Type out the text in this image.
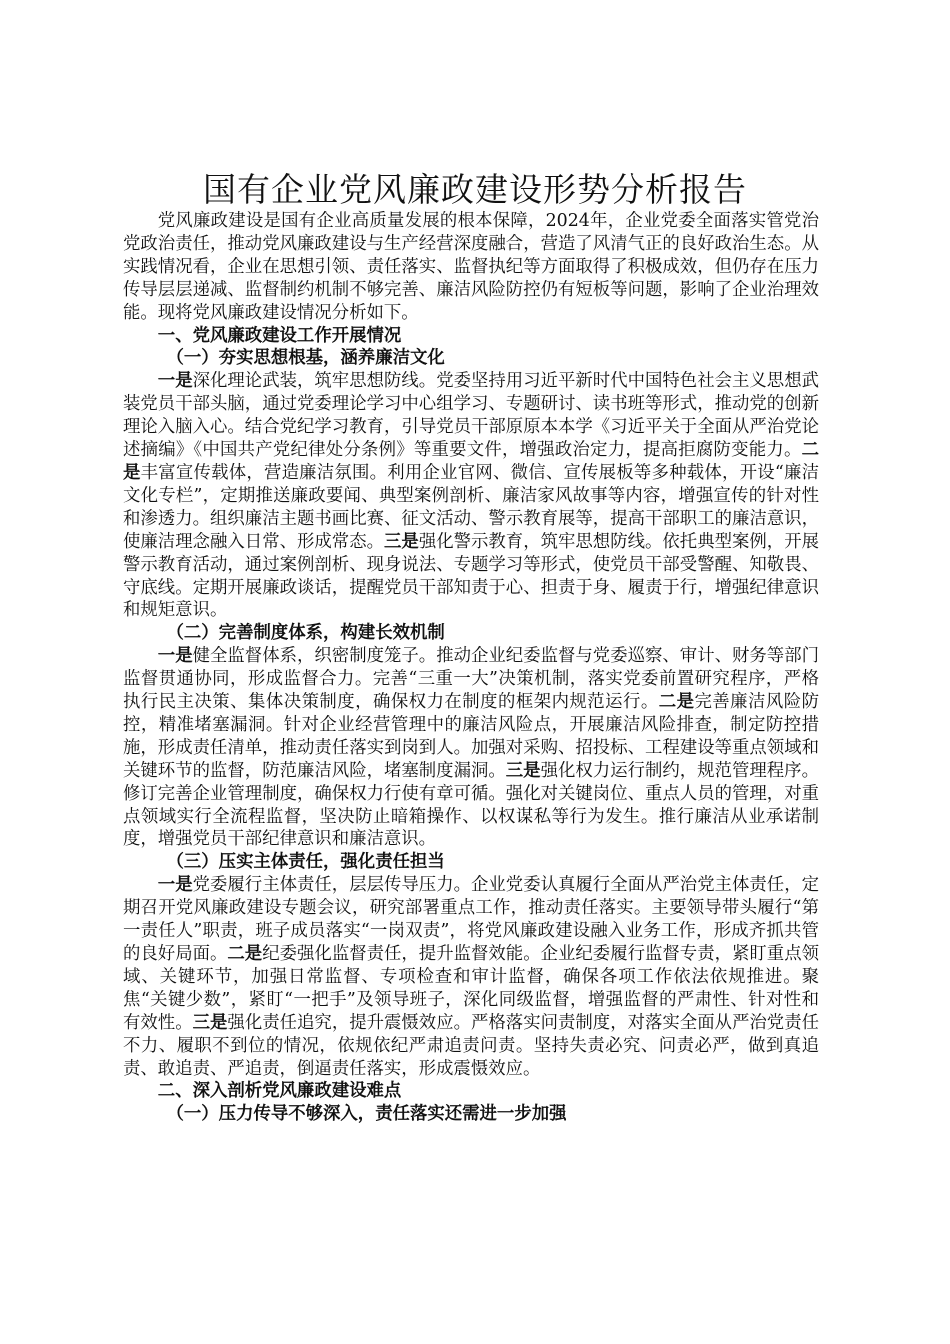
国有企业党风廉政建设形势分析报告

党风廉政建设是国有企业高质量发展的根本保障，2024年，企业党委全面落实管党治党政治责任，推动党风廉政建设与生产经营深度融合，营造了风清气正的良好政治生态。从实践情况看，企业在思想引领、责任落实、监督执纪等方面取得了积极成效，但仍存在压力传导层层递减、监督制约机制不够完善、廉洁风险防控仍有短板等问题，影响了企业治理效能。现将党风廉政建设情况分析如下。

一、党风廉政建设工作开展情况

（一）夯实思想根基，涵养廉洁文化

一是深化理论武装，筑牢思想防线。党委坚持用习近平新时代中国特色社会主义思想武装党员干部头脑，通过党委理论学习中心组学习、专题研讨、读书班等形式，推动党的创新理论入脑入心。结合党纪学习教育，引导党员干部原原本本学《习近平关于全面从严治党论述摘编》《中国共产党纪律处分条例》等重要文件，增强政治定力，提高拒腐防变能力。二是丰富宣传载体，营造廉洁氛围。利用企业官网、微信、宣传展板等多种载体，开设“廉洁文化专栏”，定期推送廉政要闻、典型案例剖析、廉洁家风故事等内容，增强宣传的针对性和渗透力。组织廉洁主题书画比赛、征文活动、警示教育展等，提高干部职工的廉洁意识，使廉洁理念融入日常、形成常态。三是强化警示教育，筑牢思想防线。依托典型案例，开展警示教育活动，通过案例剖析、现身说法、专题学习等形式，使党员干部受警醒、知敬畏、守底线。定期开展廉政谈话，提醒党员干部知责于心、担责于身、履责于行，增强纪律意识和规矩意识。

（二）完善制度体系，构建长效机制

一是健全监督体系，织密制度笼子。推动企业纪委监督与党委巡察、审计、财务等部门监督贯通协同，形成监督合力。完善“三重一大”决策机制，落实党委前置研究程序，严格执行民主决策、集体决策制度，确保权力在制度的框架内规范运行。二是完善廉洁风险防控，精准堵塞漏洞。针对企业经营管理中的廉洁风险点，开展廉洁风险排查，制定防控措施，形成责任清单，推动责任落实到岗到人。加强对采购、招投标、工程建设等重点领域和关键环节的监督，防范廉洁风险，堵塞制度漏洞。三是强化权力运行制约，规范管理程序。修订完善企业管理制度，确保权力行使有章可循。强化对关键岗位、重点人员的管理，对重点领域实行全流程监督，坚决防止暗箱操作、以权谋私等行为发生。推行廉洁从业承诺制度，增强党员干部纪律意识和廉洁意识。

（三）压实主体责任，强化责任担当

一是党委履行主体责任，层层传导压力。企业党委认真履行全面从严治党主体责任，定期召开党风廉政建设专题会议，研究部署重点工作，推动责任落实。主要领导带头履行“第一责任人”职责，班子成员落实“一岗双责”，将党风廉政建设融入业务工作，形成齐抓共管的良好局面。二是纪委强化监督责任，提升监督效能。企业纪委履行监督专责，紧盯重点领域、关键环节，加强日常监督、专项检查和审计监督，确保各项工作依法依规推进。聚焦“关键少数”，紧盯“一把手”及领导班子，深化同级监督，增强监督的严肃性、针对性和有效性。三是强化责任追究，提升震慑效应。严格落实问责制度，对落实全面从严治党责任不力、履职不到位的情况，依规依纪严肃追责问责。坚持失责必究、问责必严，做到真追责、敢追责、严追责，倒逼责任落实，形成震慑效应。

二、深入剖析党风廉政建设难点

（一）压力传导不够深入，责任落实还需进一步加强
